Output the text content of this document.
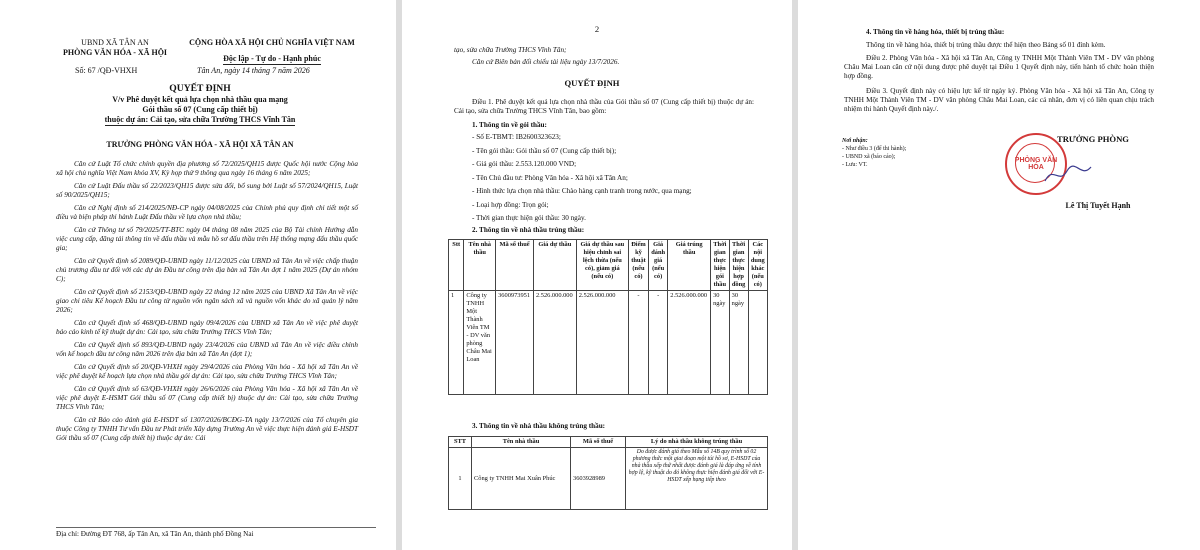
UBND XÃ TÂN AN
PHÒNG VĂN HÓA - XÃ HỘI
CỘNG HÒA XÃ HỘI CHỦ NGHĨA VIỆT NAM
Độc lập - Tự do - Hạnh phúc
Số: 67 /QĐ-VHXH	Tân An, ngày 14 tháng 7 năm 2026
QUYẾT ĐỊNH
V/v Phê duyệt kết quả lựa chọn nhà thầu qua mạng
Gói thầu số 07 (Cung cấp thiết bị)
thuộc dự án: Cải tạo, sửa chữa Trường THCS Vĩnh Tân
TRƯỞNG PHÒNG VĂN HÓA - XÃ HỘI XÃ TÂN AN
Căn cứ Luật Tổ chức chính quyền địa phương số 72/2025/QH15 được Quốc hội nước Cộng hòa xã hội chủ nghĩa Việt Nam khóa XV, Kỳ họp thứ 9 thông qua ngày 16 tháng 6 năm 2025;
Căn cứ Luật Đấu thầu số 22/2023/QH15 được sửa đổi, bổ sung bởi Luật số 57/2024/QH15, Luật số 90/2025/QH15;
Căn cứ Nghị định số 214/2025/NĐ-CP ngày 04/08/2025 của Chính phủ quy định chi tiết một số điều và biện pháp thi hành Luật Đấu thầu về lựa chọn nhà thầu;
Căn cứ Thông tư số 79/2025/TT-BTC ngày 04 tháng 08 năm 2025 của Bộ Tài chính Hướng dẫn việc cung cấp, đăng tải thông tin về đấu thầu và mẫu hồ sơ đấu thầu trên Hệ thống mạng đấu thầu quốc gia;
Căn cứ Quyết định số 2089/QĐ-UBND ngày 11/12/2025 của UBND xã Tân An về việc chấp thuận chủ trương đầu tư đối với các dự án Đầu tư công trên địa bàn xã Tân An đợt 1 năm 2025 (Dự án nhóm C);
Căn cứ Quyết định số 2153/QĐ-UBND ngày 22 tháng 12 năm 2025 của UBND Xã Tân An về việc giao chi tiêu Kế hoạch Đầu tư công từ nguồn vốn ngân sách xã và nguồn vốn khác do xã quản lý năm 2026;
Căn cứ Quyết định số 468/QĐ-UBND ngày 09/4/2026 của UBND xã Tân An về việc phê duyệt báo cáo kinh tế kỹ thuật dự án: Cải tạo, sửa chữa Trường THCS Vĩnh Tân;
Căn cứ Quyết định số 893/QĐ-UBND ngày 23/4/2026 của UBND xã Tân An về việc điều chỉnh vốn kế hoạch đầu tư công năm 2026 trên địa bàn xã Tân An (đợt 1);
Căn cứ Quyết định số 20/QĐ-VHXH ngày 29/4/2026 của Phòng Văn hóa - Xã hội xã Tân An về việc phê duyệt kế hoạch lựa chọn nhà thầu gói dự án: Cải tạo, sửa chữa Trường THCS Vĩnh Tân;
Căn cứ Quyết định số 63/QĐ-VHXH ngày 26/6/2026 của Phòng Văn hóa - Xã hội xã Tân An về việc phê duyệt E-HSMT Gói thầu số 07 (Cung cấp thiết bị) thuộc dự án: Cải tạo, sửa chữa Trường THCS Vĩnh Tân;
Căn cứ Báo cáo đánh giá E-HSDT số 1307/2026/BCĐG-TA ngày 13/7/2026 của Tổ chuyên gia thuộc Công ty TNHH Tư vấn Đầu tư Phát triển Xây dựng Trường An về việc thực hiện đánh giá E-HSDT Gói thầu số 07 (Cung cấp thiết bị) thuộc dự án: Cải
Địa chỉ: Đường ĐT 768, ấp Tân An, xã Tân An, thành phố Đồng Nai
2
tạo, sửa chữa Trường THCS Vĩnh Tân;
Căn cứ Biên bản đối chiếu tài liệu ngày 13/7/2026.
QUYẾT ĐỊNH
Điều 1. Phê duyệt kết quả lựa chọn nhà thầu của Gói thầu số 07 (Cung cấp thiết bị) thuộc dự án: Cải tạo, sửa chữa Trường THCS Vĩnh Tân, bao gồm:
1. Thông tin về gói thầu:
- Số E-TBMT: IB2600323623;
- Tên gói thầu: Gói thầu số 07 (Cung cấp thiết bị);
- Giá gói thầu: 2.553.120.000 VND;
- Tên Chủ đầu tư: Phòng Văn hóa - Xã hội xã Tân An;
- Hình thức lựa chọn nhà thầu: Chào hàng cạnh tranh trong nước, qua mạng;
- Loại hợp đồng: Trọn gói;
- Thời gian thực hiện gói thầu: 30 ngày.
2. Thông tin về nhà thầu trúng thầu:
Stt	Tên nhà thầu	Mã số thuế	Giá dự thầu	Giá dự thầu sau hiệu chỉnh sai lệch thừa (nếu có), giảm giá (nếu có)	Điểm kỹ thuật (nếu có)	Giá đánh giá (nếu có)	Giá trúng thầu	Thời gian thực hiện gói thầu	Thời gian thực hiện hợp đồng	Các nội dung khác (nếu có)
1	Công ty TNHH Một Thành Viên TM - DV văn phòng Châu Mai Loan	3600973951	2.526.000.000	2.526.000.000	-	-	2.526.000.000	30 ngày	30 ngày	
3. Thông tin về nhà thầu không trúng thầu:
STT	Tên nhà thầu	Mã số thuế	Lý do nhà thầu không trúng thầu
1	Công ty TNHH Mai Xuân Phúc	3603928989	Do được đánh giá theo Mẫu số 14B quy trình số 02 phương thức một giai đoạn một túi hồ sơ, E-HSDT của nhà thầu xếp thứ nhất được đánh giá là đáp ứng về tính hợp lệ, kỹ thuật do đó không thực hiện đánh giá đối với E-HSDT xếp hạng tiếp theo
4. Thông tin về hàng hóa, thiết bị trúng thầu:
Thông tin về hàng hóa, thiết bị trúng thầu được thể hiện theo Bảng số 01 đính kèm.
Điều 2. Phòng Văn hóa - Xã hội xã Tân An, Công ty TNHH Một Thành Viên TM - DV văn phòng Châu Mai Loan căn cứ nội dung được phê duyệt tại Điều 1 Quyết định này, tiến hành tổ chức hoàn thiện hợp đồng.
Điều 3. Quyết định này có hiệu lực kể từ ngày ký. Phòng Văn hóa - Xã hội xã Tân An, Công ty TNHH Một Thành Viên TM - DV văn phòng Châu Mai Loan, các cá nhân, đơn vị có liên quan chịu trách nhiệm thi hành Quyết định này./.
Nơi nhận:
- Như điều 3 (để thi hành);
- UBND xã (báo cáo);
- Lưu: VT.
TRƯỞNG PHÒNG
PHÒNG VĂN HÓA
Lê Thị Tuyết Hạnh
